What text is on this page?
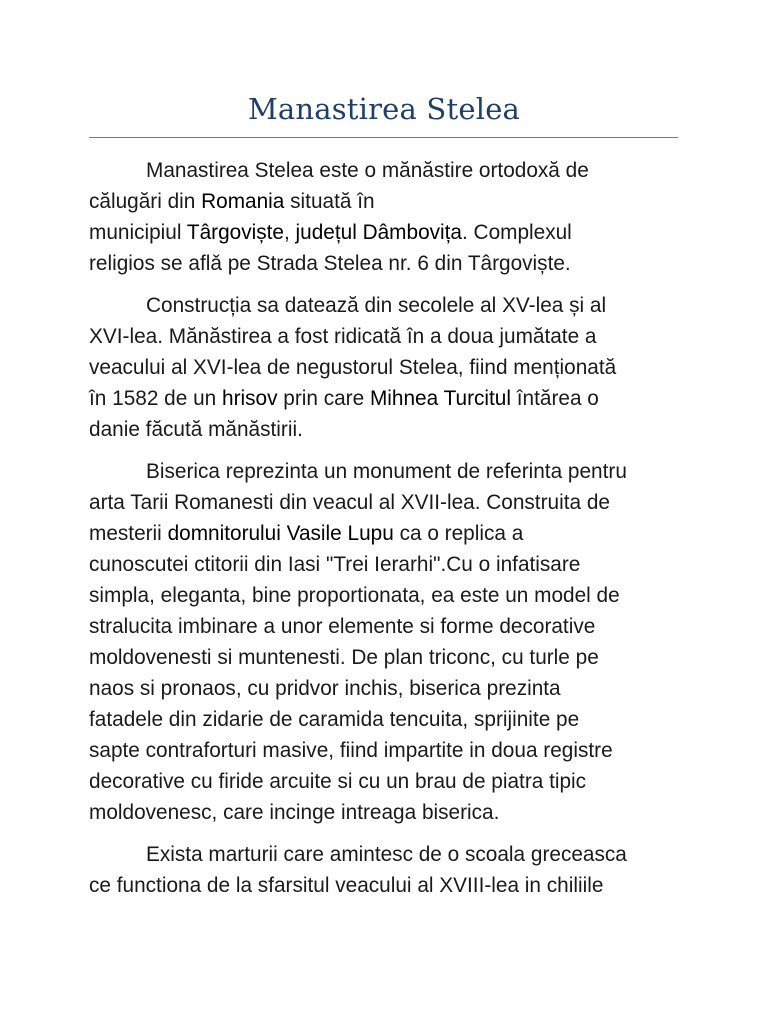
Manastirea Stelea
Manastirea Stelea este o mănăstire ortodoxă de
călugări din Romania situată în
municipiul Târgoviște, județul Dâmbovița. Complexul
religios se aflǎ pe Strada Stelea nr. 6 din Târgoviște.
Construcția sa datează din secolele al XV-lea și al
XVI-lea. Mănăstirea a fost ridicată în a doua jumătate a
veacului al XVI-lea de negustorul Stelea, fiind menționată
în 1582 de un hrisov prin care Mihnea Turcitul întărea o
danie făcută mănăstirii.
Biserica reprezinta un monument de referinta pentru
arta Tarii Romanesti din veacul al XVII-lea. Construita de
mesterii domnitorului Vasile Lupu ca o replica a
cunoscutei ctitorii din Iasi "Trei Ierarhi".Cu o infatisare
simpla, eleganta, bine proportionata, ea este un model de
stralucita imbinare a unor elemente si forme decorative
moldovenesti si muntenesti. De plan triconc, cu turle pe
naos si pronaos, cu pridvor inchis, biserica prezinta
fatadele din zidarie de caramida tencuita, sprijinite pe
sapte contraforturi masive, fiind impartite in doua registre
decorative cu firide arcuite si cu un brau de piatra tipic
moldovenesc, care incinge intreaga biserica.
Exista marturii care amintesc de o scoala greceasca
ce functiona de la sfarsitul veacului al XVIII-lea in chiliile
